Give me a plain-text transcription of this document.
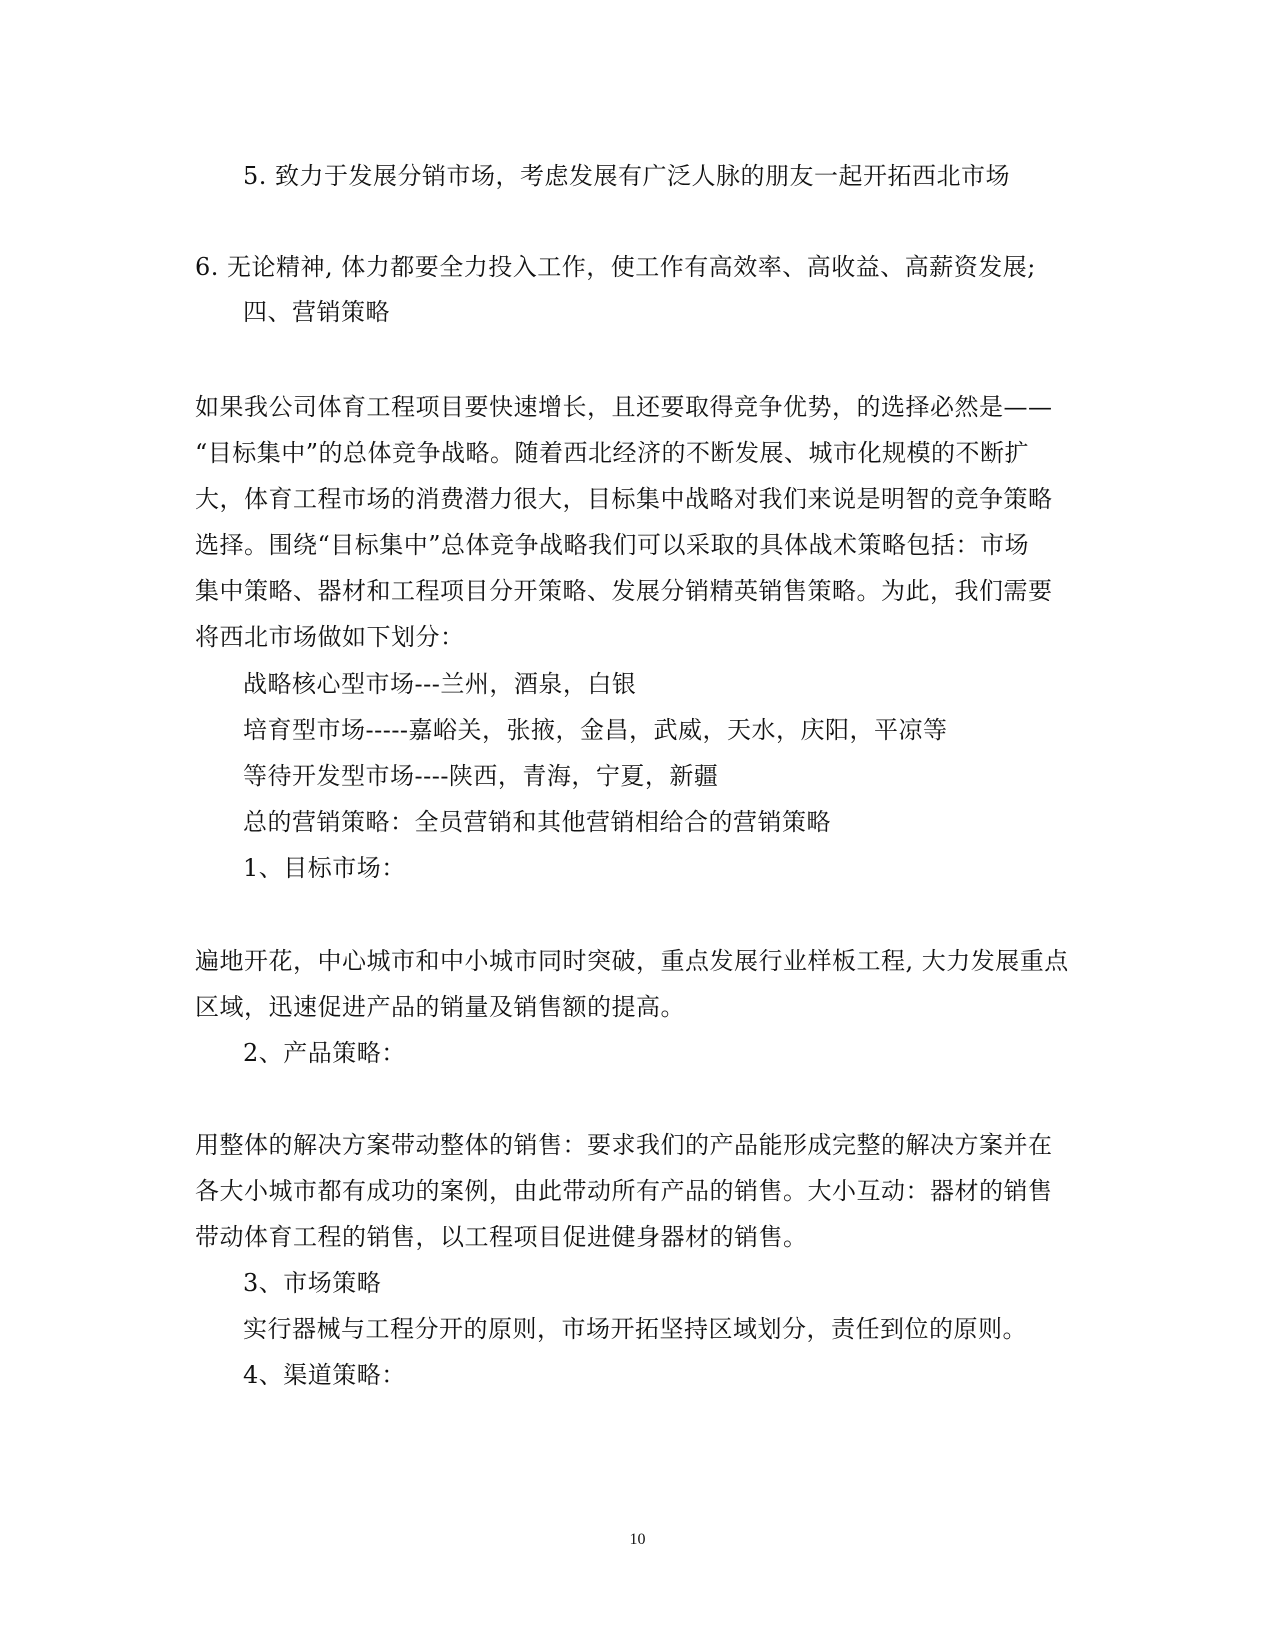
5. 致力于发展分销市场，考虑发展有广泛人脉的朋友一起开拓西北市场
6. 无论精神, 体力都要全力投入工作，使工作有高效率、高收益、高薪资发展;
四、营销策略
如果我公司体育工程项目要快速增长，且还要取得竞争优势，的选择必然是——
“目标集中”的总体竞争战略。随着西北经济的不断发展、城市化规模的不断扩
大，体育工程市场的消费潜力很大，目标集中战略对我们来说是明智的竞争策略
选择。围绕“目标集中”总体竞争战略我们可以采取的具体战术策略包括：市场
集中策略、器材和工程项目分开策略、发展分销精英销售策略。为此，我们需要
将西北市场做如下划分：
战略核心型市场---兰州，酒泉，白银
培育型市场-----嘉峪关，张掖，金昌，武威，天水，庆阳，平凉等
等待开发型市场----陕西，青海，宁夏，新疆
总的营销策略：全员营销和其他营销相给合的营销策略
1、目标市场：
遍地开花，中心城市和中小城市同时突破，重点发展行业样板工程, 大力发展重点
区域，迅速促进产品的销量及销售额的提高。
2、产品策略：
用整体的解决方案带动整体的销售：要求我们的产品能形成完整的解决方案并在
各大小城市都有成功的案例，由此带动所有产品的销售。大小互动：器材的销售
带动体育工程的销售，以工程项目促进健身器材的销售。
3、市场策略
实行器械与工程分开的原则，市场开拓坚持区域划分，责任到位的原则。
4、渠道策略：
10
